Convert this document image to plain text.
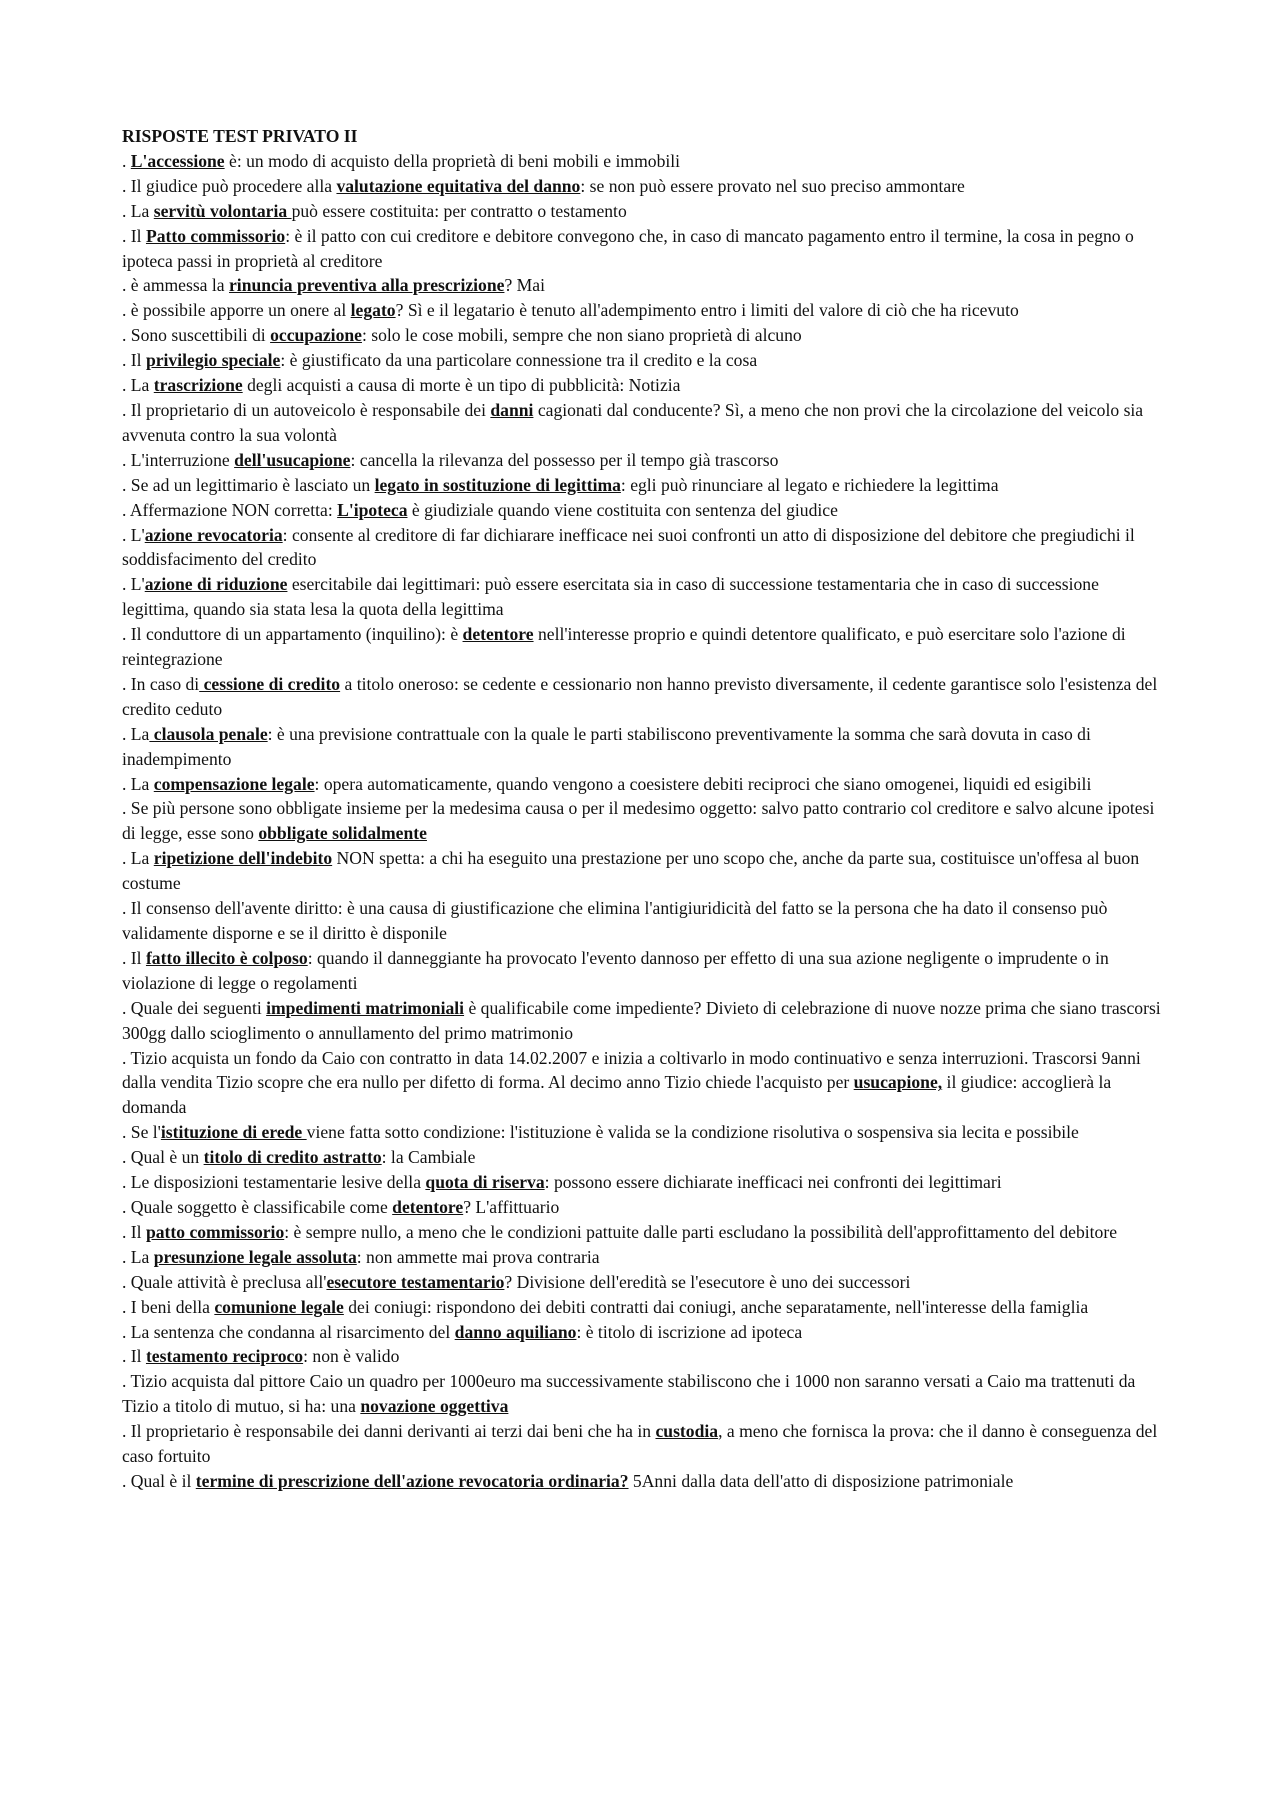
RISPOSTE TEST PRIVATO II

. L'accessione è: un modo di acquisto della proprietà di beni mobili e immobili

. Il giudice può procedere alla valutazione equitativa del danno: se non può essere provato nel suo preciso ammontare

. La servitù volontaria può essere costituita: per contratto o testamento

. Il Patto commissorio: è il patto con cui creditore e debitore convegono che, in caso di mancato pagamento entro il termine, la cosa in pegno o ipoteca passi in proprietà al creditore

. è ammessa la rinuncia preventiva alla prescrizione? Mai

. è possibile apporre un onere al legato? Sì e il legatario è tenuto all'adempimento entro i limiti del valore di ciò che ha ricevuto

. Sono suscettibili di occupazione: solo le cose mobili, sempre che non siano proprietà di alcuno

. Il privilegio speciale: è giustificato da una particolare connessione tra il credito e la cosa

. La trascrizione degli acquisti a causa di morte è un tipo di pubblicità: Notizia

. Il proprietario di un autoveicolo è responsabile dei danni cagionati dal conducente? Sì, a meno che non provi che la circolazione del veicolo sia avvenuta contro la sua volontà

. L'interruzione dell'usucapione: cancella la rilevanza del possesso per il tempo già trascorso

. Se ad un legittimario è lasciato un legato in sostituzione di legittima: egli può rinunciare al legato e richiedere la legittima

. Affermazione NON corretta: L'ipoteca è giudiziale quando viene costituita con sentenza del giudice

. L'azione revocatoria: consente al creditore di far dichiarare inefficace nei suoi confronti un atto di disposizione del debitore che pregiudichi il soddisfacimento del credito

. L'azione di riduzione esercitabile dai legittimari: può essere esercitata sia in caso di successione testamentaria che in caso di successione legittima, quando sia stata lesa la quota della legittima

. Il conduttore di un appartamento (inquilino): è detentore nell'interesse proprio e quindi detentore qualificato, e può esercitare solo l'azione di reintegrazione

. In caso di cessione di credito a titolo oneroso: se cedente e cessionario non hanno previsto diversamente, il cedente garantisce solo l'esistenza del credito ceduto

. La clausola penale: è una previsione contrattuale con la quale le parti stabiliscono preventivamente la somma che sarà dovuta in caso di inadempimento

. La compensazione legale: opera automaticamente, quando vengono a coesistere debiti reciproci che siano omogenei, liquidi ed esigibili

. Se più persone sono obbligate insieme per la medesima causa o per il medesimo oggetto: salvo patto contrario col creditore e salvo alcune ipotesi di legge, esse sono obbligate solidalmente

. La ripetizione dell'indebito NON spetta: a chi ha eseguito una prestazione per uno scopo che, anche da parte sua, costituisce un'offesa al buon costume

. Il consenso dell'avente diritto: è una causa di giustificazione che elimina l'antigiuridicità del fatto se la persona che ha dato il consenso può validamente disporne e se il diritto è disponile

. Il fatto illecito è colposo: quando il danneggiante ha provocato l'evento dannoso per effetto di una sua azione negligente o imprudente o in violazione di legge o regolamenti

. Quale dei seguenti impedimenti matrimoniali è qualificabile come impediente? Divieto di celebrazione di nuove nozze prima che siano trascorsi 300gg dallo scioglimento o annullamento del primo matrimonio

. Tizio acquista un fondo da Caio con contratto in data 14.02.2007 e inizia a coltivarlo in modo continuativo e senza interruzioni. Trascorsi 9anni dalla vendita Tizio scopre che era nullo per difetto di forma. Al decimo anno Tizio chiede l'acquisto per usucapione, il giudice: accoglierà la domanda

. Se l'istituzione di erede viene fatta sotto condizione: l'istituzione è valida se la condizione risolutiva o sospensiva sia lecita e possibile

. Qual è un titolo di credito astratto: la Cambiale

. Le disposizioni testamentarie lesive della quota di riserva: possono essere dichiarate inefficaci nei confronti dei legittimari

. Quale soggetto è classificabile come detentore? L'affittuario

. Il patto commissorio: è sempre nullo, a meno che le condizioni pattuite dalle parti escludano la possibilità dell'approfittamento del debitore

. La presunzione legale assoluta: non ammette mai prova contraria

. Quale attività è preclusa all'esecutore testamentario? Divisione dell'eredità se l'esecutore è uno dei successori

. I beni della comunione legale dei coniugi: rispondono dei debiti contratti dai coniugi, anche separatamente, nell'interesse della famiglia

. La sentenza che condanna al risarcimento del danno aquiliano: è titolo di iscrizione ad ipoteca

. Il testamento reciproco: non è valido

. Tizio acquista dal pittore Caio un quadro per 1000euro ma successivamente stabiliscono che i 1000 non saranno versati a Caio ma trattenuti da Tizio a titolo di mutuo, si ha: una novazione oggettiva

. Il proprietario è responsabile dei danni derivanti ai terzi dai beni che ha in custodia, a meno che fornisca la prova: che il danno è conseguenza del caso fortuito

. Qual è il termine di prescrizione dell'azione revocatoria ordinaria? 5Anni dalla data dell'atto di disposizione patrimoniale
